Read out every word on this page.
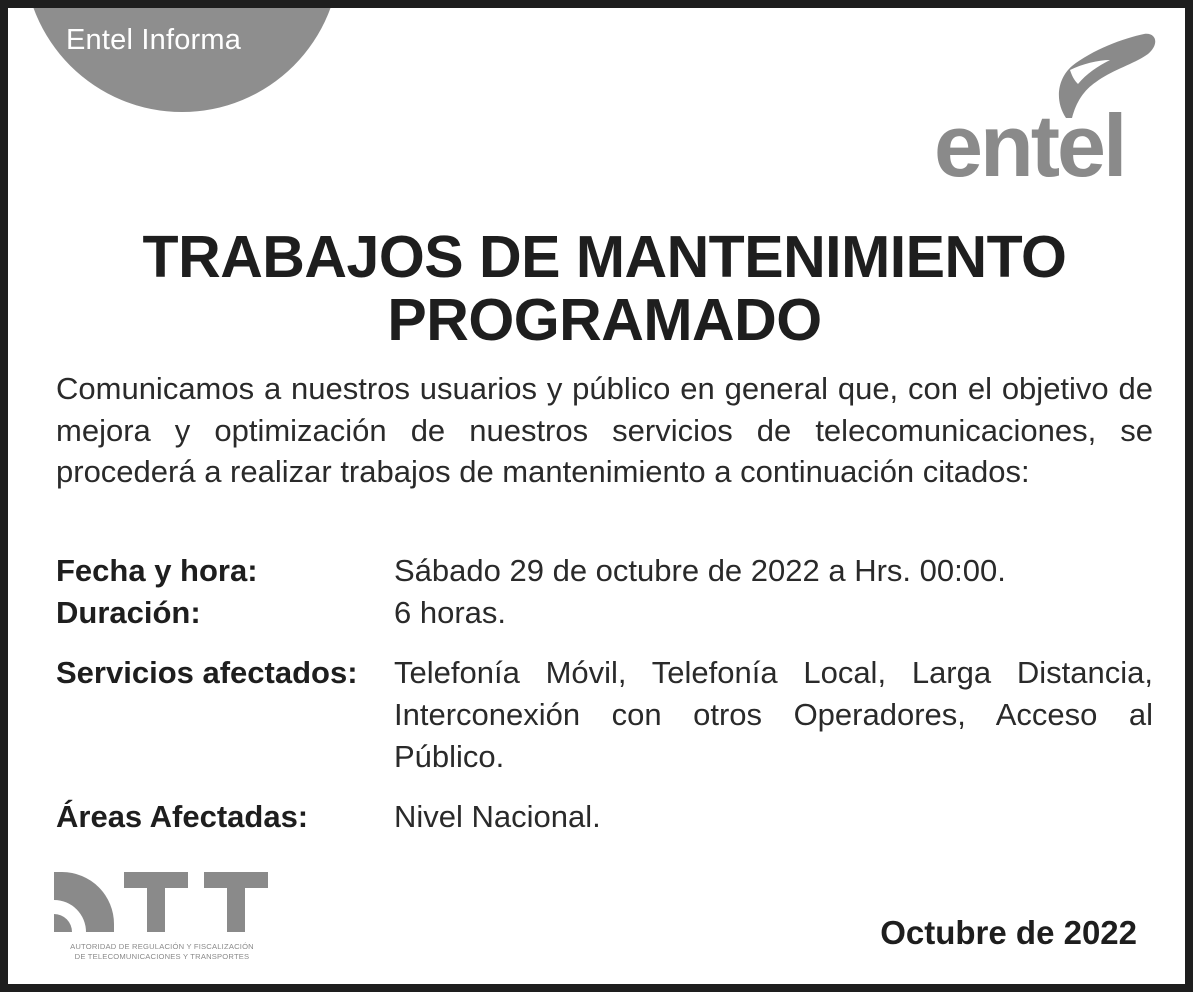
Entel Informa
entel
TRABAJOS DE MANTENIMIENTO
PROGRAMADO
Comunicamos a nuestros usuarios y público en general que, con el objetivo de mejora y optimización de nuestros servicios de telecomunicaciones, se procederá a realizar trabajos de mantenimiento a continuación citados:
Fecha y hora:	Sábado 29 de octubre de 2022 a Hrs. 00:00.
Duración:	6 horas.
Servicios afectados: Telefonía Móvil, Telefonía Local, Larga Distancia, Interconexión con otros Operadores, Acceso al Público.
Áreas Afectadas:	Nivel Nacional.
AUTORIDAD DE REGULACIÓN Y FISCALIZACIÓN
DE TELECOMUNICACIONES Y TRANSPORTES
Octubre de 2022
